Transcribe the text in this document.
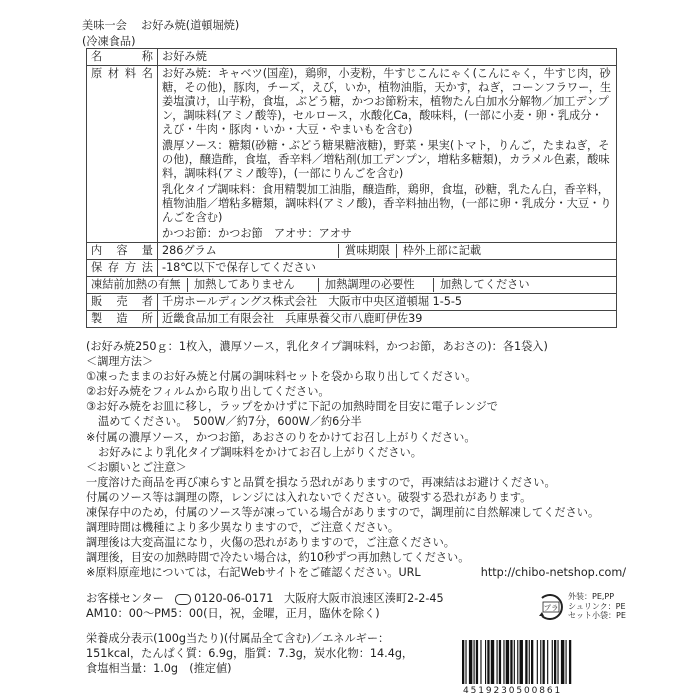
美味一会 お好み焼(道頓堀焼)
(冷凍食品)
名　　称	お好み焼
原材料名	お好み焼：キャベツ(国産)，鶏卵，小麦粉，牛すじこんにゃく(こんにゃく，牛すじ肉，砂糖，その他)，豚肉，チーズ，えび，いか，植物油脂，天かす，ねぎ，コーンフラワー，生姜塩漬け，山芋粉，食塩，ぶどう糖，かつお節粉末，植物たん白加水分解物／加工デンプン，調味料(アミノ酸等)，セルロース，水酸化Ca，酸味料，(一部に小麦・卵・乳成分・えび・牛肉・豚肉・いか・大豆・やまいもを含む)
濃厚ソース：糖類(砂糖・ぶどう糖果糖液糖)，野菜・果実(トマト，りんご，たまねぎ，その他)，醸造酢，食塩，香辛料／増粘剤(加工デンプン，増粘多糖類)，カラメル色素，酸味料，調味料(アミノ酸等)，(一部にりんごを含む)
乳化タイプ調味料：食用精製加工油脂，醸造酢，鶏卵，食塩，砂糖，乳たん白，香辛料，植物油脂／増粘多糖類，調味料(アミノ酸)，香辛料抽出物，(一部に卵・乳成分・大豆・りんごを含む)
かつお節：かつお節　アオサ：アオサ

内 容 量	286グラム 賞味期限 枠外上部に記載

保存方法	-18℃以下で保存してください

凍結前加熱の有無 加熱してありません 加熱調理の必要性 加熱してください	

販 売 者	千房ホールディングス株式会社　大阪市中央区道頓堀 1-5-5
製 造 所	近畿食品加工有限会社　兵庫県養父市八鹿町伊佐39
(お好み焼250ｇ：1枚入，濃厚ソース，乳化タイプ調味料，かつお節，あおさの)：各1袋入)
＜調理方法＞
①凍ったままのお好み焼と付属の調味料セットを袋から取り出してください。
②お好み焼をフィルムから取り出してください。
③お好み焼をお皿に移し，ラップをかけずに下記の加熱時間を目安に電子レンジで
温めてください。　500W／約7分，600W／約6分半
※付属の濃厚ソース，かつお節，あおさのりをかけてお召し上がりください。
お好みにより乳化タイプ調味料をかけてお召し上がりください。
＜お願いとご注意＞
一度溶けた商品を再び凍らすと品質を損なう恐れがありますので，再凍結はお避けください。
付属のソース等は調理の際，レンジには入れないでください。破裂する恐れがあります。
凍保存中のため，付属のソース等が凍っている場合がありますので，調理前に自然解凍してください。
調理時間は機種により多少異なりますので，ご注意ください。
調理後は大変高温になり，火傷の恐れがありますので，ご注意ください。
調理後，目安の加熱時間で冷たい場合は，約10秒ずつ再加熱してください。
※原料原産地については，右記Webサイトをご確認ください。URL	http://chibo-netshop.com/
お客様センター	0120-06-0171 大阪府大阪市浪速区湊町2-2-45
AM10：00〜PM5：00(日，祝，金曜，正月，臨休を除く)
栄養成分表示(100g当たり)(付属品全て含む)／エネルギー：
151kcal，たんぱく質：6.9g，脂質：7.3g，炭水化物：14.4g，
食塩相当量：1.0g　(推定値)
プラ
外装：PE,PP
シュリンク：PE
セット小袋：PE
4519230500861
